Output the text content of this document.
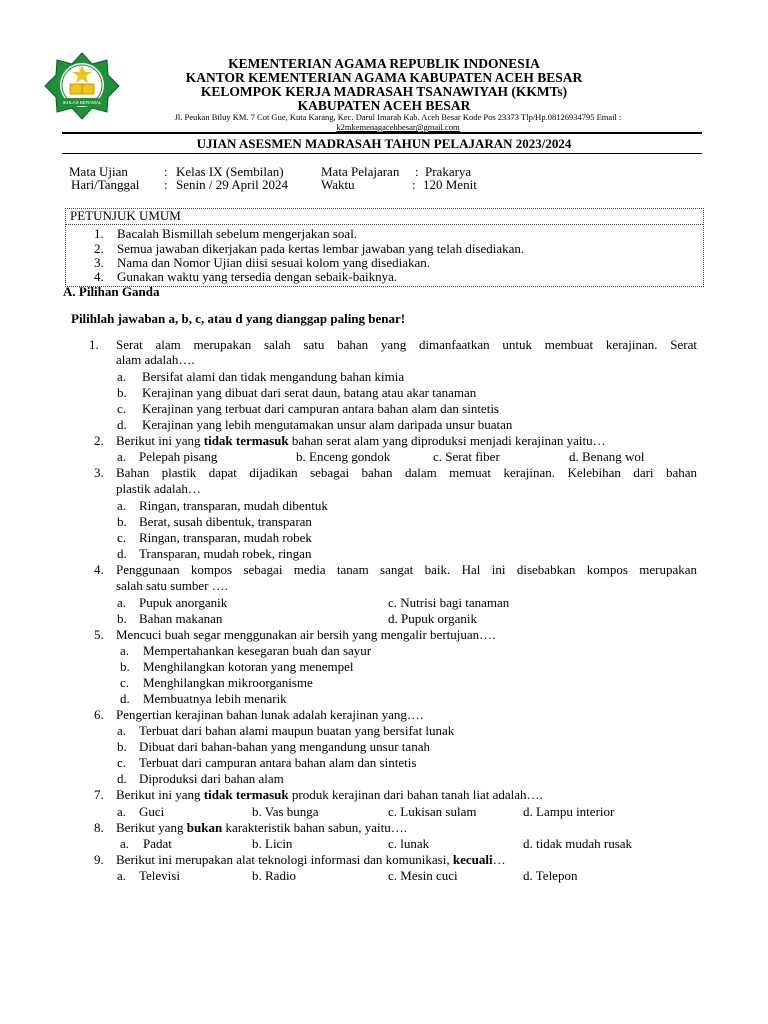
IKHLAS BERAMAL
KEMENTERIAN AGAMA REPUBLIK INDONESIA
KANTOR KEMENTERIAN AGAMA KABUPATEN ACEH BESAR
KELOMPOK KERJA MADRASAH TSANAWIYAH (KKMTs)
KABUPATEN ACEH BESAR
Jl. Peukan Biluy KM. 7 Cot Gue, Kuta Karang, Kec. Darul Imarah Kab. Aceh Besar Kode Pos 23373 Tlp/Hp.08126934795 Email :
k2mkemenagacehbesar@gmail.com
UJIAN ASESMEN MADRASAH TAHUN PELAJARAN 2023/2024
Mata Ujian	: Kelas IX (Sembilan)	Mata Pelajaran : Prakarya
Hari/Tanggal : Senin / 29 April 2024	Waktu	: 120 Menit
PETUNJUK UMUM
1. Bacalah Bismillah sebelum mengerjakan soal.
2. Semua jawaban dikerjakan pada kertas lembar jawaban yang telah disediakan.
3. Nama dan Nomor Ujian diisi sesuai kolom yang disediakan.
4. Gunakan waktu yang tersedia dengan sebaik-baiknya.
A. Pilihan Ganda
Pilihlah jawaban a, b, c, atau d yang dianggap paling benar!
1. Serat alam merupakan salah satu bahan yang dimanfaatkan untuk membuat kerajinan. Serat
alam adalah….
a. Bersifat alami dan tidak mengandung bahan kimia
b. Kerajinan yang dibuat dari serat daun, batang atau akar tanaman
c. Kerajinan yang terbuat dari campuran antara bahan alam dan sintetis
d. Kerajinan yang lebih mengutamakan unsur alam daripada unsur buatan
2. Berikut ini yang tidak termasuk bahan serat alam yang diproduksi menjadi kerajinan yaitu…
a. Pelepah pisang	b. Enceng gondok	c. Serat fiber	d. Benang wol
3. Bahan plastik dapat dijadikan sebagai bahan dalam memuat kerajinan. Kelebihan dari bahan
plastik adalah…
a. Ringan, transparan, mudah dibentuk
b. Berat, susah dibentuk, transparan
c. Ringan, transparan, mudah robek
d. Transparan, mudah robek, ringan
4. Penggunaan kompos sebagai media tanam sangat baik. Hal ini disebabkan kompos merupakan
salah satu sumber ….
a. Pupuk anorganik	c. Nutrisi bagi tanaman
b. Bahan makanan	d. Pupuk organik
5. Mencuci buah segar menggunakan air bersih yang mengalir bertujuan….
a. Mempertahankan kesegaran buah dan sayur
b. Menghilangkan kotoran yang menempel
c. Menghilangkan mikroorganisme
d. Membuatnya lebih menarik
6. Pengertian kerajinan bahan lunak adalah kerajinan yang….
a. Terbuat dari bahan alami maupun buatan yang bersifat lunak
b. Dibuat dari bahan-bahan yang mengandung unsur tanah
c. Terbuat dari campuran antara bahan alam dan sintetis
d. Diproduksi dari bahan alam
7. Berikut ini yang tidak termasuk produk kerajinan dari bahan tanah liat adalah….
a. Guci	b. Vas bunga	c. Lukisan sulam	d. Lampu interior
8. Berikut yang bukan karakteristik bahan sabun, yaitu….
a. Padat	b. Licin	c. lunak	d. tidak mudah rusak
9. Berikut ini merupakan alat teknologi informasi dan komunikasi, kecuali…
a. Televisi	b. Radio	c. Mesin cuci	d. Telepon
